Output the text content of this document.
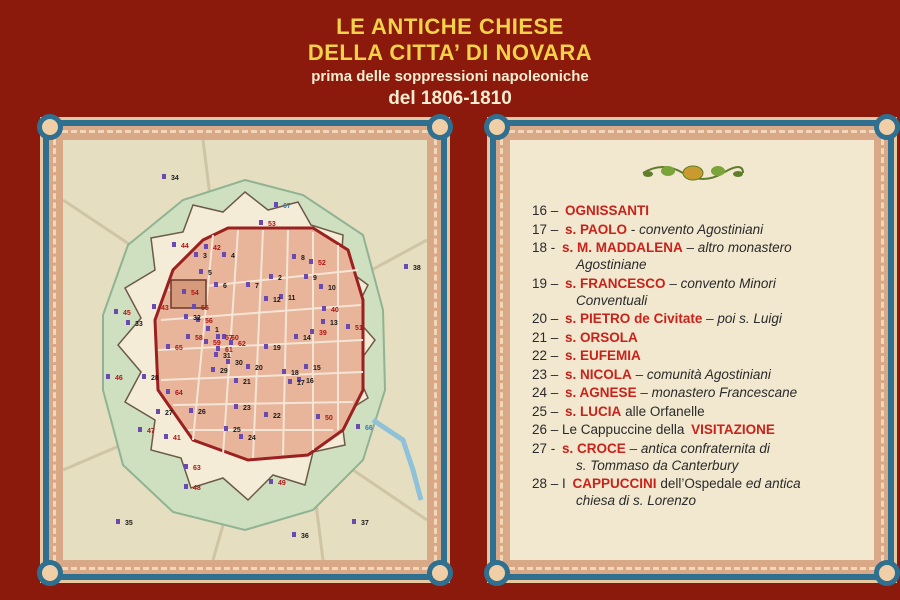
LE ANTICHE CHIESE
DELLA CITTA’ DI NOVARA
prima delle soppressioni napoleoniche
del 1806-1810
1
2
3	4
5
6	7
8
9
10
11
12
13
14
15
16
17
18
19
20
21
22
23
24
25
26
27
28
29
30
31
32
33
34
35
36
37
38
39
40
41
42
43
44
45
46
47
48
49
50
51
52
53
54
55
56
57
58
59
60
61
62
63
64
65
66
67	16 – OGNISSANTI
17 – s. PAOLO - convento Agostiniani
18 - s. M. MADDALENA – altro monastero
Agostiniane
19 – s. FRANCESCO – convento Minori
Conventuali
20 – s. PIETRO de Civitate – poi s. Luigi
21 – s. ORSOLA
22 – s. EUFEMIA
23 – s. NICOLA – comunità Agostiniani
24 – s. AGNESE – monastero Francescane
25 – s. LUCIA alle Orfanelle
26 – Le Cappuccine della VISITAZIONE
27 - s. CROCE – antica confraternita di
s. Tommaso da Canterbury
28 – I CAPPUCCINI dell’Ospedale ed antica
chiesa di s. Lorenzo
